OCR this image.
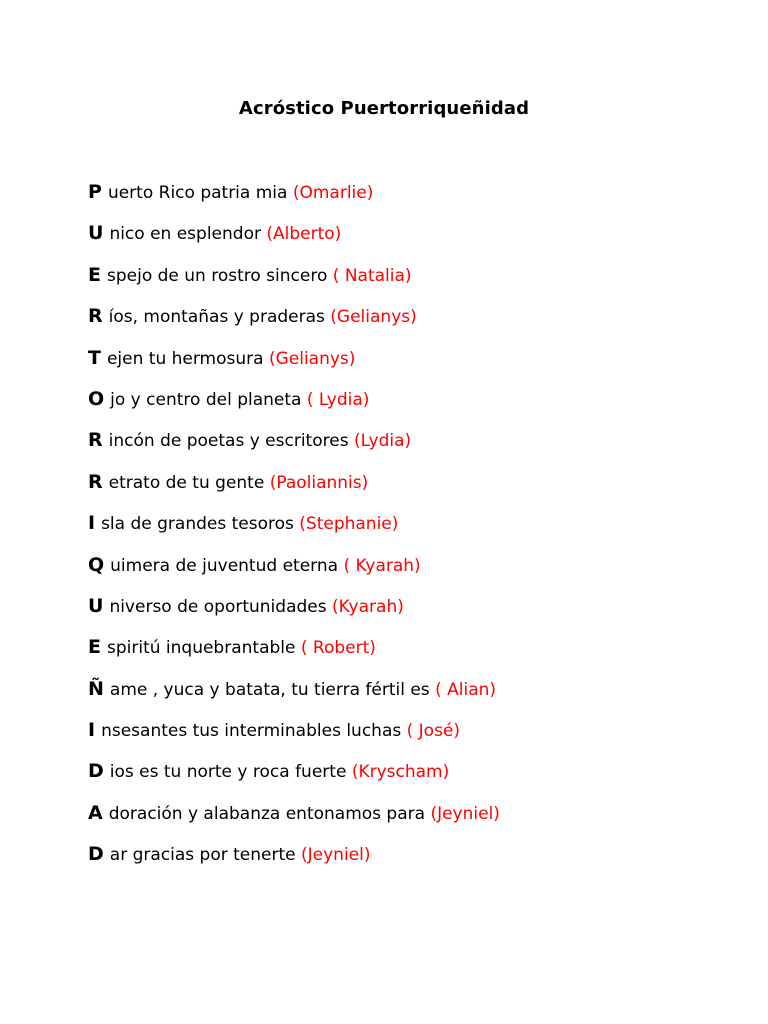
Acróstico Puertorriqueñidad
P uerto Rico patria mia (Omarlie)
U nico en esplendor (Alberto)
E spejo de un rostro sincero ( Natalia)
R íos, montañas y praderas (Gelianys)
T ejen tu hermosura (Gelianys)
O jo y centro del planeta ( Lydia)
R incón de poetas y escritores (Lydia)
R etrato de tu gente (Paoliannis)
I sla de grandes tesoros (Stephanie)
Q uimera de juventud eterna ( Kyarah)
U niverso de oportunidades (Kyarah)
E spiritú inquebrantable ( Robert)
Ñ ame , yuca y batata, tu tierra fértil es ( Alian)
I nsesantes tus interminables luchas ( José)
D ios es tu norte y roca fuerte (Kryscham)
A doración y alabanza entonamos para (Jeyniel)
D ar gracias por tenerte (Jeyniel)
